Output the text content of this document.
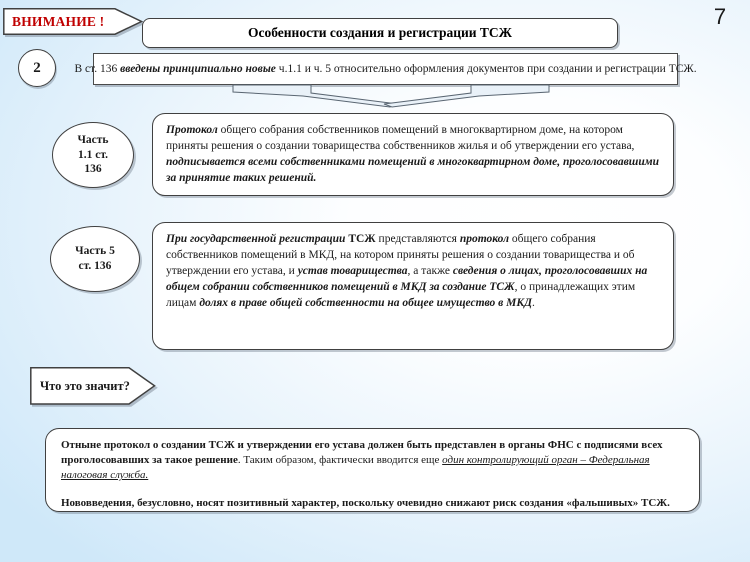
ВНИМАНИЕ !
Особенности создания и регистрации ТСЖ
7
2	В ст. 136 введены принципиально новые ч.1.1 и ч. 5 относительно оформления документов при создании и регистрации ТСЖ.
Часть
1.1 ст.
136
Протокол общего собрания собственников помещений в многоквартирном доме, на котором приняты решения о создании товарищества собственников жилья и об утверждении его устава, подписывается всеми собственниками помещений в многоквартирном доме, проголосовавшими за принятие таких решений.
Часть 5
ст. 136
При государственной регистрации ТСЖ представляются протокол общего собрания собственников помещений в МКД, на котором приняты решения о создании товарищества и об утверждении его устава, и устав товарищества, а также сведения о лицах, проголосовавших на общем собрании собственников помещений в МКД за создание ТСЖ, о принадлежащих этим лицам долях в праве общей собственности на общее имущество в МКД.
Что это значит?

Отныне протокол о создании ТСЖ и утверждении его устава должен быть представлен в органы ФНС с подписями всех проголосовавших за такое решение. Таким образом, фактически вводится еще один контролирующий орган – Федеральная налоговая служба.

Нововведения, безусловно, носят позитивный характер, поскольку очевидно снижают риск создания «фальшивых» ТСЖ.
